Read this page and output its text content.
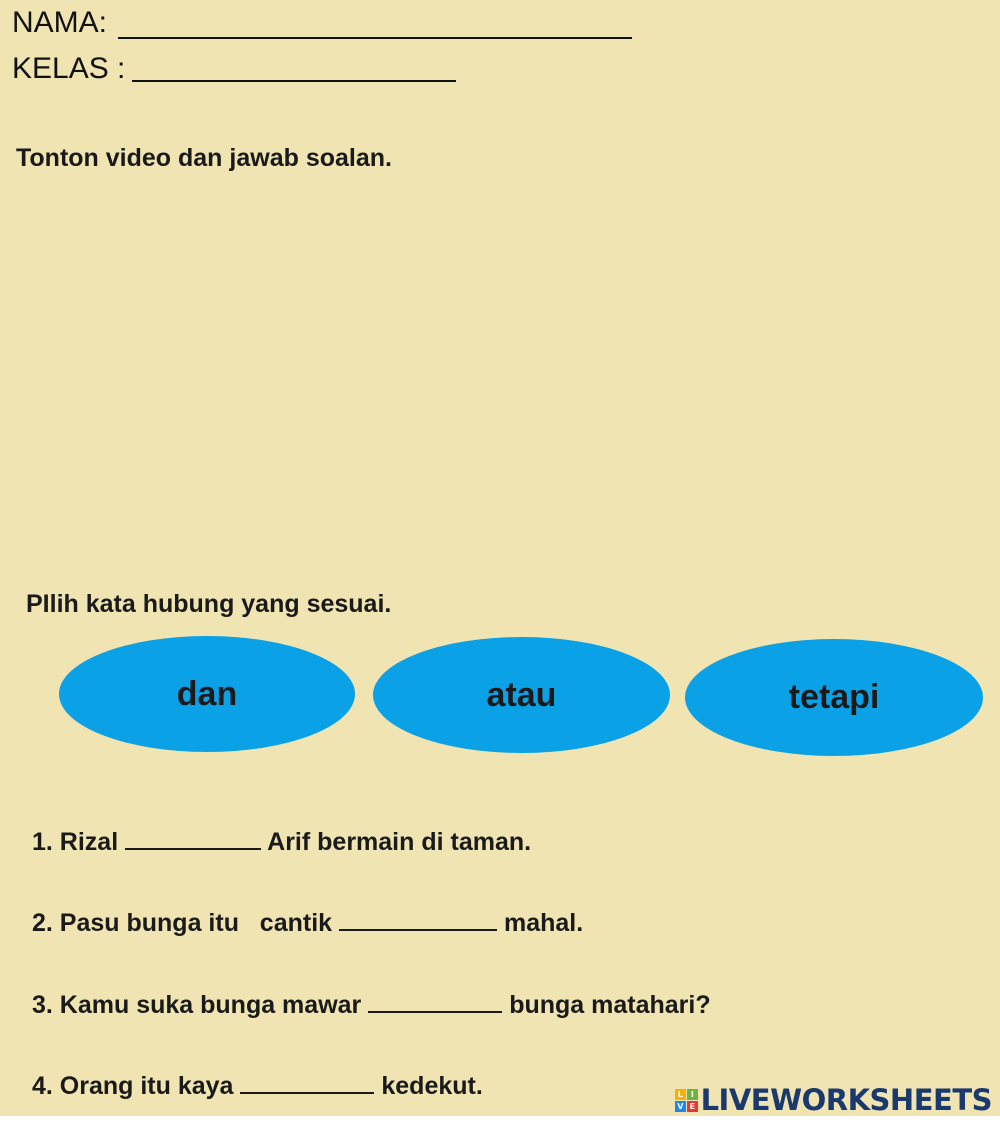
NAMA:
KELAS :
Tonton video dan jawab soalan.
PIlih kata hubung yang sesuai.
dan	atau	tetapi
1. Rizal	Arif bermain di taman.
2. Pasu bunga itu   cantik	mahal.
3. Kamu suka bunga mawar	bunga matahari?
4. Orang itu kaya	kedekut.	L	I
V E LIVEWORKSHEETS
